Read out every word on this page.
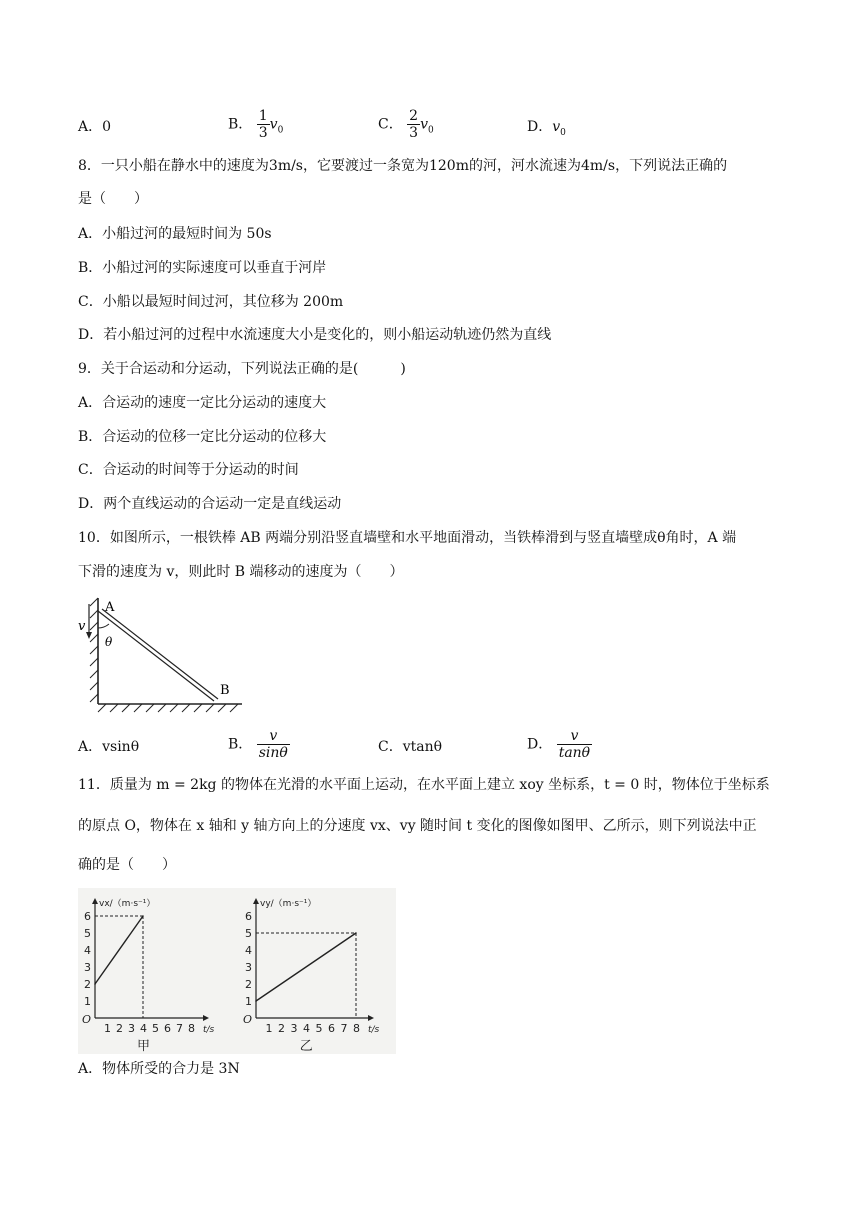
A．0	B． $\frac{1}{3} v_0$	C． $\frac{2}{3} v_0$	D．$v_0$
8．一只小船在静水中的速度为3m/s，它要渡过一条宽为120m的河，河水流速为4m/s，下列说法正确的
是（　　）
A．小船过河的最短时间为 50s
B．小船过河的实际速度可以垂直于河岸
C．小船以最短时间过河，其位移为 200m
D．若小船过河的过程中水流速度大小是变化的，则小船运动轨迹仍然为直线
9．关于合运动和分运动，下列说法正确的是(　　　)
A．合运动的速度一定比分运动的速度大
B．合运动的位移一定比分运动的位移大
C．合运动的时间等于分运动的时间
D．两个直线运动的合运动一定是直线运动
10．如图所示，一根铁棒 AB 两端分别沿竖直墙壁和水平地面滑动，当铁棒滑到与竖直墙壁成θ角时，A 端
下滑的速度为 v，则此时 B 端移动的速度为（　　）
A
B
v
θ
A．vsinθ	B． $\frac{v}{\sin\theta}$	C．vtanθ	D． $\frac{v}{\tan\theta}$
11．质量为 m = 2kg 的物体在光滑的水平面上运动，在水平面上建立 xoy 坐标系，t = 0 时，物体位于坐标系
的原点 O，物体在 x 轴和 y 轴方向上的分速度 vx、vy 随时间 t 变化的图像如图甲、乙所示，则下列说法中正
确的是（　　）
6
5
4
3
2
1
1 2 3 4 5 6 7 8
O
vx/（m·s⁻¹）
t/s
甲
6
5
4
3
2
1
1 2 3 4 5 6 7 8
O
vy/（m·s⁻¹）
t/s
乙
A．物体所受的合力是 3N
